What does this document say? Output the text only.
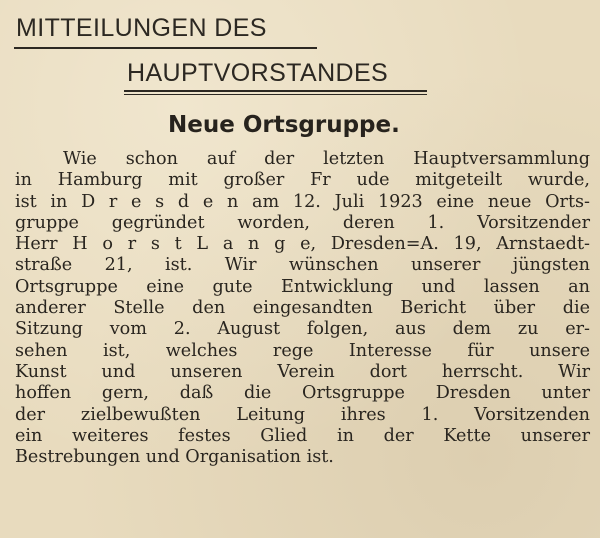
MITTEILUNGEN DES
HAUPTVORSTANDES
Neue Ortsgruppe.
Wie schon auf der letzten Hauptversammlung
in Hamburg mit großer Fr ude mitgeteilt wurde,
ist in D r e s d e n am 12. Juli 1923 eine neue Orts-
gruppe gegründet worden, deren 1. Vorsitzender
Herr H o r s t L a n g e, Dresden=A. 19, Arnstaedt-
straße 21, ist. Wir wünschen unserer jüngsten
Ortsgruppe eine gute Entwicklung und lassen an
anderer Stelle den eingesandten Bericht über die
Sitzung vom 2. August folgen, aus dem zu er-
sehen ist, welches rege Interesse für unsere
Kunst und unseren Verein dort herrscht. Wir
hoffen gern, daß die Ortsgruppe Dresden unter
der zielbewußten Leitung ihres 1. Vorsitzenden
ein weiteres festes Glied in der Kette unserer
Bestrebungen und Organisation ist.
